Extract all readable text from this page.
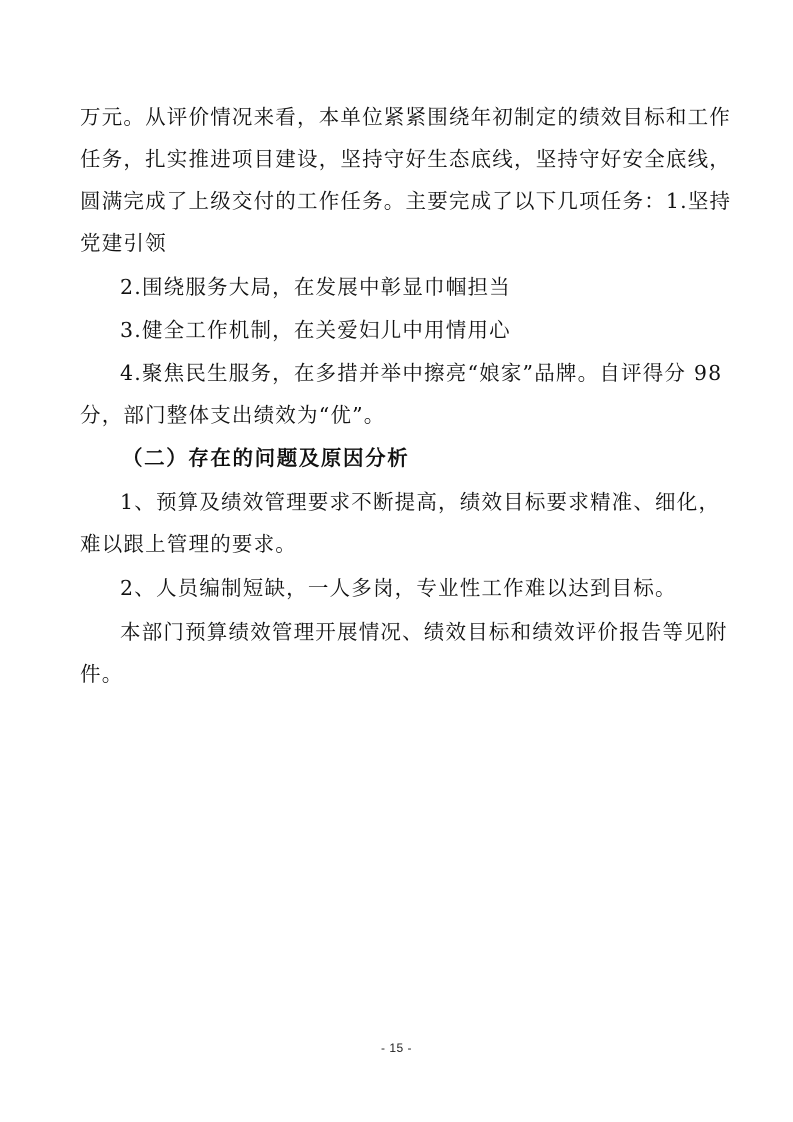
万元。从评价情况来看，本单位紧紧围绕年初制定的绩效目标和工作
任务，扎实推进项目建设，坚持守好生态底线，坚持守好安全底线，
圆满完成了上级交付的工作任务。主要完成了以下几项任务：1.坚持
党建引领
2.围绕服务大局，在发展中彰显巾帼担当
3.健全工作机制，在关爱妇儿中用情用心
4.聚焦民生服务，在多措并举中擦亮“娘家”品牌。自评得分 98
分，部门整体支出绩效为“优”。
（二）存在的问题及原因分析
1、预算及绩效管理要求不断提高，绩效目标要求精准、细化，
难以跟上管理的要求。
2、人员编制短缺，一人多岗，专业性工作难以达到目标。
本部门预算绩效管理开展情况、绩效目标和绩效评价报告等见附
件。
- 15 -
